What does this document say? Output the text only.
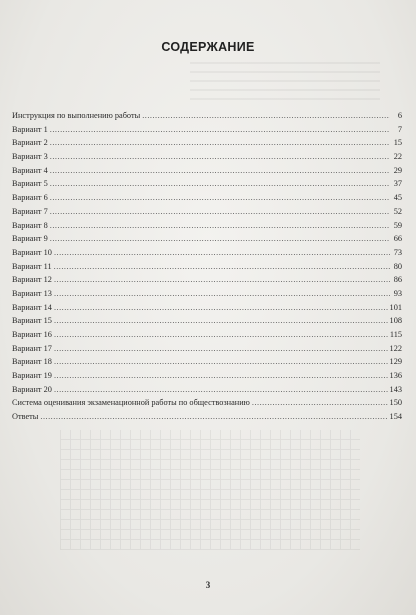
СОДЕРЖАНИЕ
Инструкция по выполнению работы .....	6
Вариант 1 .....	7
Вариант 2 .....	15
Вариант 3 .....	22
Вариант 4 .....	29
Вариант 5 .....	37
Вариант 6 .....	45
Вариант 7 .....	52
Вариант 8 .....	59
Вариант 9 .....	66
Вариант 10 .....	73
Вариант 11 .....	80
Вариант 12 .....	86
Вариант 13 .....	93
Вариант 14 .....	101
Вариант 15 .....	108
Вариант 16 .....	115
Вариант 17 .....	122
Вариант 18 .....	129
Вариант 19 .....	136
Вариант 20 .....	143
Система оценивания экзаменационной работы по обществознанию .....	150
Ответы .....	154
3
